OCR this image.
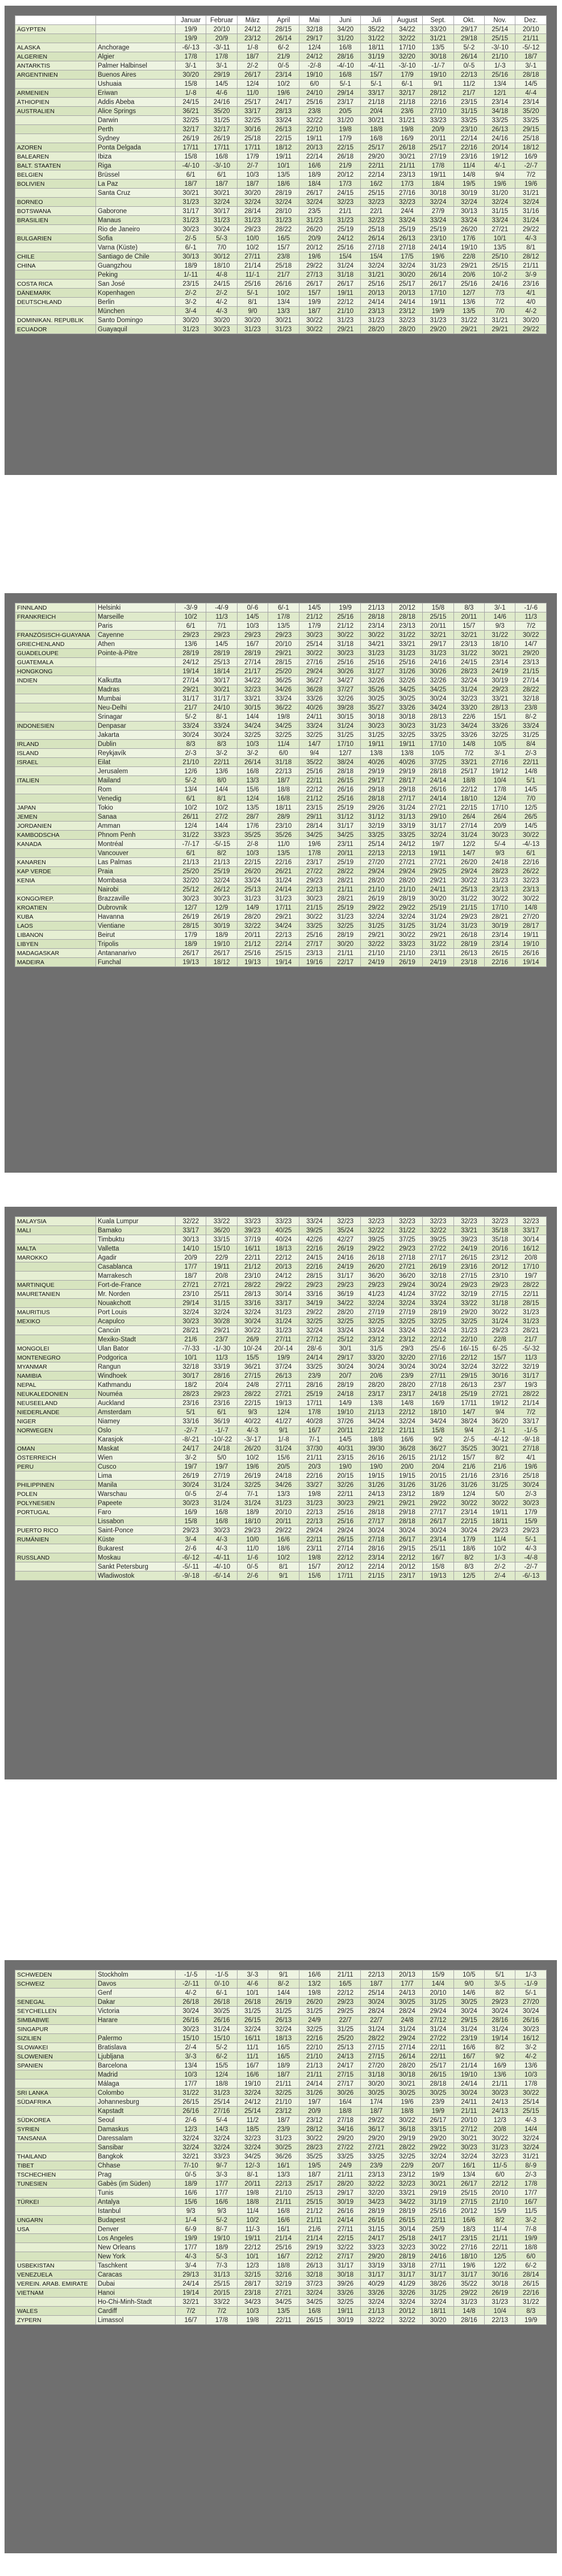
		Januar	Februar	März	April	Mai	Juni	Juli	August	Sept.	Okt.	Nov.	Dez.
ÄGYPTEN		19/9	20/10	24/12	28/15	32/18	34/20	35/22	34/22	33/20	29/17	25/14	20/10
		19/9	20/9	23/12	26/14	29/17	31/20	31/22	32/22	31/21	29/18	25/15	21/11
ALASKA	Anchorage	-6/-13	-3/-11	1/-8	6/-2	12/4	16/8	18/11	17/10	13/5	5/-2	-3/-10	-5/-12
ALGERIEN	Algier	17/8	17/8	18/7	21/9	24/12	28/16	31/19	32/20	30/18	26/14	21/10	18/7
ANTARKTIS	Palmer Halbinsel	3/-1	3/-1	2/-2	0/-5	-2/-8	-4/-10	-4/-11	-3/-10	-1/-7	0/-5	1/-3	3/-1
ARGENTINIEN	Buenos Aires	30/20	29/19	26/17	23/14	19/10	16/8	15/7	17/9	19/10	22/13	25/16	28/18
	Ushuaia	15/8	14/5	12/4	10/2	6/0	5/-1	5/-1	6/-1	9/1	11/2	13/4	14/5
ARMENIEN	Eriwan	1/-8	4/-6	11/0	19/6	24/10	29/14	33/17	32/17	28/12	21/7	12/1	4/-4
ÄTHIOPIEN	Addis Abeba	24/15	24/16	25/17	24/17	25/16	23/17	21/18	21/18	22/16	23/15	23/14	23/14
AUSTRALIEN	Alice Springs	36/21	35/20	33/17	28/13	23/8	20/5	20/4	23/6	27/10	31/15	34/18	35/20
	Darwin	32/25	31/25	32/25	33/24	32/22	31/20	30/21	31/21	33/23	33/25	33/25	33/25
	Perth	32/17	32/17	30/16	26/13	22/10	19/8	18/8	19/8	20/9	23/10	26/13	29/15
	Sydney	26/19	26/19	25/18	22/15	19/11	17/9	16/8	16/9	20/11	22/14	24/16	25/18
AZOREN	Ponta Delgada	17/11	17/11	17/11	18/12	20/13	22/15	25/17	26/18	25/17	22/16	20/14	18/12
BALEAREN	Ibiza	15/8	16/8	17/9	19/11	22/14	26/18	29/20	30/21	27/19	23/16	19/12	16/9
BALT. STAATEN	Riga	-4/-10	-3/-10	2/-7	10/1	16/6	21/9	22/11	21/11	17/8	11/4	4/-1	-2/-7
BELGIEN	Brüssel	6/1	6/1	10/3	13/5	18/9	20/12	22/14	23/13	19/11	14/8	9/4	7/2
BOLIVIEN	La Paz	18/7	18/7	18/7	18/6	18/4	17/3	16/2	17/3	18/4	19/5	19/6	19/6
	Santa Cruz	30/21	30/21	30/20	28/19	26/17	24/15	25/15	27/16	30/18	30/19	31/20	31/21
BORNEO		31/23	32/24	32/24	32/24	32/24	32/23	32/23	32/23	32/24	32/24	32/24	32/24
BOTSWANA	Gaborone	31/17	30/17	28/14	28/10	23/5	21/1	22/1	24/4	27/9	30/13	31/15	31/16
BRASILIEN	Manaus	31/23	31/23	31/23	31/23	31/23	31/23	32/23	33/24	33/24	33/24	33/24	31/24
	Rio de Janeiro	30/23	30/24	29/23	28/22	26/20	25/19	25/18	25/19	25/19	26/20	27/21	29/22
BULGARIEN	Sofia	2/-5	5/-3	10/0	16/5	20/9	24/12	26/14	26/13	23/10	17/6	10/1	4/-3
	Varna (Küste)	6/-1	7/0	10/2	15/7	20/12	25/16	27/18	27/18	24/14	19/10	13/5	8/1
CHILE	Santiago de Chile	30/13	30/12	27/11	23/8	19/6	15/4	15/4	17/5	19/6	22/8	25/10	28/12
CHINA	Guangzhou	18/9	18/10	21/14	25/18	29/22	31/24	32/24	32/24	31/23	29/21	25/15	21/11
	Peking	1/-11	4/-8	11/-1	21/7	27/13	31/18	31/21	30/20	26/14	20/6	10/-2	3/-9
COSTA RICA	San José	23/15	24/15	25/16	26/16	26/17	26/17	25/16	25/17	26/17	25/16	24/16	23/16
DÄNEMARK	Kopenhagen	2/-2	2/-2	5/-1	10/2	15/7	19/11	20/13	20/13	17/10	12/7	7/3	4/1
DEUTSCHLAND	Berlin	3/-2	4/-2	8/1	13/4	19/9	22/12	24/14	24/14	19/11	13/6	7/2	4/0
	München	3/-4	4/-3	9/0	13/3	18/7	21/10	23/13	23/12	19/9	13/5	7/0	4/-2
DOMINIKAN. REPUBLIK	Santo Domingo	30/20	30/20	30/20	30/21	30/22	31/23	31/23	32/23	31/23	31/22	31/21	30/20
ECUADOR	Guayaquil	31/23	30/23	31/23	31/23	30/22	29/21	28/20	28/20	29/20	29/21	29/21	29/22
FINNLAND	Helsinki	-3/-9	-4/-9	0/-6	6/-1	14/5	19/9	21/13	20/12	15/8	8/3	3/-1	-1/-6
FRANKREICH	Marseille	10/2	11/3	14/5	17/8	21/12	25/16	28/18	28/18	25/15	20/11	14/6	11/3
	Paris	6/1	7/1	10/3	13/5	17/9	21/12	23/14	23/13	20/11	15/7	9/3	7/2
FRANZÖSISCH-GUAYANA	Cayenne	29/23	29/23	29/23	29/23	30/23	30/22	30/22	31/22	32/21	32/21	31/22	30/22
GRIECHENLAND	Athen	13/6	14/5	16/7	20/10	25/14	31/18	34/21	33/21	29/17	23/13	18/10	14/7
GUADELOUPE	Pointe-à-Pitre	28/19	28/19	28/19	29/21	30/22	30/23	31/23	31/23	31/23	31/22	30/21	29/20
GUATEMALA		24/12	25/13	27/14	28/15	27/16	25/16	25/16	25/16	24/16	24/15	23/14	23/13
HONGKONG		19/14	18/14	21/17	25/20	29/24	30/26	31/27	31/26	30/26	28/23	24/19	21/15
INDIEN	Kalkutta	27/14	30/17	34/22	36/25	36/27	34/27	32/26	32/26	32/26	32/24	30/19	27/14
	Madras	29/21	30/21	32/23	34/26	36/28	37/27	35/26	34/25	34/25	31/24	29/23	28/22
	Mumbai	31/17	31/17	33/21	33/24	33/26	32/26	30/25	30/25	30/24	32/23	33/21	32/18
	Neu-Delhi	21/7	24/10	30/15	36/22	40/26	39/28	35/27	33/26	34/24	33/20	28/13	23/8
	Srinagar	5/-2	8/-1	14/4	19/8	24/11	30/15	30/18	30/18	28/13	22/6	15/1	8/-2
INDONESIEN	Denpasar	33/24	33/24	34/24	34/25	33/24	31/24	30/23	30/23	31/23	34/24	33/26	33/24
	Jakarta	30/24	30/24	32/25	32/25	32/25	31/25	31/25	32/25	33/25	33/26	32/25	31/25
IRLAND	Dublin	8/3	8/3	10/3	11/4	14/7	17/10	19/11	19/11	17/10	14/8	10/5	8/4
ISLAND	Reykjavík	2/-3	3/-2	3/-2	6/0	9/4	12/7	13/8	13/8	10/5	7/2	3/-1	2/-3
ISRAEL	Eilat	21/10	22/11	26/14	31/18	35/22	38/24	40/26	40/26	37/25	33/21	27/16	22/11
	Jerusalem	12/6	13/6	16/8	22/13	25/16	28/18	29/19	29/19	28/18	25/17	19/12	14/8
ITALIEN	Mailand	5/-2	8/0	13/3	18/7	22/11	26/15	29/17	28/17	24/14	18/8	10/4	5/1
	Rom	13/4	14/4	15/6	18/8	22/12	26/16	29/18	29/18	26/16	22/12	17/8	14/5
	Venedig	6/1	8/1	12/4	16/8	21/12	25/16	28/18	27/17	24/14	18/10	12/4	7/0
JAPAN	Tokio	10/2	10/2	13/5	18/11	23/15	25/19	29/26	31/24	27/21	22/15	17/10	12/5
JEMEN	Sanaa	26/11	27/2	28/7	28/9	29/11	31/12	31/12	31/13	29/10	26/4	26/4	26/5
JORDANIEN	Amman	12/4	14/4	17/6	23/10	28/14	31/17	32/19	33/19	31/17	27/14	20/9	14/5
KAMBODSCHA	Phnom Penh	31/22	33/23	35/25	35/26	34/25	34/25	33/25	33/25	32/24	31/24	30/23	30/22
KANADA	Montréal	-7/-17	-5/-15	2/-8	11/0	19/6	23/11	25/14	24/12	19/7	12/2	5/-4	-4/-13
	Vancouver	6/1	8/2	10/3	13/5	17/8	20/11	22/13	22/13	19/11	14/7	9/3	6/1
KANAREN	Las Palmas	21/13	21/13	22/15	22/16	23/17	25/19	27/20	27/21	27/21	26/20	24/18	22/16
KAP VERDE	Praia	25/20	25/19	26/20	26/21	27/22	28/22	29/24	29/24	29/25	29/24	28/23	26/22
KENIA	Mombasa	32/20	32/24	33/24	31/24	29/23	28/21	28/20	28/20	29/21	30/22	31/23	32/23
	Nairobi	25/12	26/12	25/13	24/14	22/13	21/11	21/10	21/10	24/11	25/13	23/13	23/13
KONGO/REP.	Brazzaville	30/23	30/23	31/23	31/23	30/23	28/21	26/19	28/19	30/20	31/22	30/22	30/22
KROATIEN	Dubrovnik	12/7	12/9	14/9	17/11	21/15	25/19	29/22	29/22	25/19	21/15	17/10	14/8
KUBA	Havanna	26/19	26/19	28/20	29/21	30/22	31/23	32/24	32/24	31/24	29/23	28/21	27/20
LAOS	Vientiane	28/15	30/19	32/22	34/24	33/25	32/25	31/25	31/25	31/24	31/23	30/19	28/17
LIBANON	Beirut	17/9	18/9	20/11	22/13	25/16	28/19	29/21	30/22	29/21	26/18	23/14	19/11
LIBYEN	Tripolis	18/9	19/10	21/12	22/14	27/17	30/20	32/22	33/23	31/22	28/19	23/14	19/10
MADAGASKAR	Antananarivo	26/17	26/17	25/16	25/15	23/13	21/11	21/10	21/10	23/11	26/13	26/15	26/16
MADEIRA	Funchal	19/13	18/12	19/13	19/14	19/16	22/17	24/19	26/19	24/19	23/18	22/16	19/14
MALAYSIA	Kuala Lumpur	32/22	33/22	33/23	33/23	33/24	32/23	32/23	32/23	32/23	32/23	32/23	32/23
MALI	Bamako	33/17	36/20	39/23	40/25	39/25	35/24	32/22	31/22	32/22	33/21	35/18	33/17
	Timbuktu	30/13	33/15	37/19	40/24	42/26	42/27	39/25	37/25	39/25	39/23	35/18	30/14
MALTA	Valletta	14/10	15/10	16/11	18/13	22/16	26/19	29/22	29/23	27/22	24/19	20/16	16/12
MAROKKO	Agadir	20/9	22/9	22/11	22/12	24/15	24/16	26/18	27/18	27/17	26/15	23/12	20/8
	Casablanca	17/7	19/11	21/12	20/13	22/16	24/19	26/20	27/21	26/19	23/16	20/12	17/10
	Marrakesch	18/7	20/8	23/10	24/12	28/15	31/17	36/20	36/20	32/18	27/15	23/10	19/7
MARTINIQUE	Fort-de-France	27/21	27/21	28/22	29/22	29/23	29/23	29/23	29/24	30/24	29/23	29/23	28/22
MAURETANIEN	Mr. Norden	23/10	25/11	28/13	30/14	33/16	36/19	41/23	41/24	37/22	32/19	27/15	22/11
	Nouakchott	29/14	31/15	33/16	33/17	34/19	34/22	32/24	32/24	33/24	33/22	31/18	28/15
MAURITIUS	Port Louis	32/24	32/24	32/24	31/23	29/22	28/20	27/19	27/19	28/19	29/20	30/22	31/23
MEXIKO	Acapulco	30/23	30/28	30/24	31/24	32/25	32/25	32/25	32/25	32/25	32/25	31/24	31/23
	Cancún	28/21	29/21	30/22	31/23	32/24	33/24	33/24	33/24	32/24	31/23	29/23	28/21
	Mexiko-Stadt	21/6	23/7	26/9	27/11	27/12	25/12	23/12	23/12	22/12	22/10	22/8	21/7
MONGOLEI	Ulan Bator	-7/-33	-1/-30	10/-24	20/-14	28/-6	30/1	31/5	29/3	25/-6	16/-15	6/-25	-5/-32
MONTENEGRO	Podgorica	10/1	11/3	15/5	19/9	24/14	29/17	33/20	32/20	27/16	22/12	15/7	11/3
MYANMAR	Rangun	32/18	33/19	36/21	37/24	33/25	30/24	30/24	30/24	30/24	32/24	32/22	32/19
NAMIBIA	Windhoek	30/17	28/16	27/15	26/13	23/9	20/7	20/6	23/9	27/11	29/15	30/16	31/17
NEPAL	Kathmandu	18/2	20/4	24/8	27/11	28/16	28/19	28/20	28/20	27/18	26/13	23/7	19/3
NEUKALEDONIEN	Nouméa	28/23	29/23	28/22	27/21	25/19	24/18	23/17	23/17	24/18	25/19	27/21	28/22
NEUSEELAND	Auckland	23/16	23/16	22/15	19/13	17/11	14/9	13/8	14/8	16/9	17/11	19/12	21/14
NIEDERLANDE	Amsterdam	5/1	6/1	9/3	12/4	17/8	19/10	21/13	22/12	18/10	14/7	9/4	7/2
NIGER	Niamey	33/16	36/19	40/22	41/27	40/28	37/26	34/24	32/24	34/24	38/24	36/20	33/17
NORWEGEN	Oslo	-2/-7	-1/-7	4/-3	9/1	16/7	20/11	22/12	21/11	15/8	9/4	2/-1	-1/-5
	Karasjok	-8/-21	-10/-22	-3/-17	1/-8	7/-1	14/5	18/8	16/6	9/2	2/-5	-4/-12	-9/-18
OMAN	Maskat	24/17	24/18	26/20	31/24	37/30	40/31	39/30	36/28	36/27	35/25	30/21	27/18
ÖSTERREICH	Wien	3/-2	5/0	10/2	15/6	21/11	23/15	26/16	26/15	21/12	15/7	8/2	4/1
PERU	Cusco	19/7	19/7	19/6	20/5	20/3	19/0	19/0	20/0	20/4	21/6	21/6	19/6
	Lima	26/19	27/19	26/19	24/18	22/16	20/15	19/15	19/15	20/15	21/16	23/16	25/18
PHILIPPINEN	Manila	30/24	31/24	32/25	34/26	33/27	32/26	31/26	31/26	31/26	31/26	31/25	30/24
POLEN	Warschau	0/-5	2/-4	7/-1	13/3	19/8	22/11	24/13	23/12	18/9	12/4	5/0	2/-3
POLYNESIEN	Papeete	30/23	31/24	31/24	31/23	31/23	30/23	29/21	29/21	29/22	30/22	30/22	30/23
PORTUGAL	Faro	16/9	16/8	18/9	20/10	22/13	25/16	28/18	29/18	27/17	23/14	19/11	17/9
	Lissabon	15/8	16/8	18/10	20/11	22/13	25/16	27/17	28/18	26/17	22/15	18/11	15/9
PUERTO RICO	Saint-Ponce	29/23	30/23	29/23	29/22	29/24	29/24	30/24	30/24	30/24	30/24	29/23	29/23
RUMÄNIEN	Küste	3/-4	4/-3	10/0	16/6	22/11	26/15	27/18	26/17	23/14	17/9	11/4	5/-1
	Bukarest	2/-6	4/-3	11/0	18/6	23/11	27/14	28/16	29/15	25/11	18/6	10/2	4/-3
RUSSLAND	Moskau	-6/-12	-4/-11	1/-6	10/2	19/8	22/12	23/14	22/12	16/7	8/2	1/-3	-4/-8
	Sankt Petersburg	-5/-11	-4/-10	0/-5	8/1	15/7	20/12	22/14	20/12	15/8	8/3	2/-2	-2/-7
	Wladiwostok	-9/-18	-6/-14	2/-6	9/1	15/6	17/11	21/15	23/17	19/13	12/5	2/-4	-6/-13
SCHWEDEN	Stockholm	-1/-5	-1/-5	3/-3	9/1	16/6	21/11	22/13	20/13	15/9	10/5	5/1	1/-3
SCHWEIZ	Davos	-2/-11	0/-10	4/-6	8/-2	13/2	16/5	18/7	17/7	14/4	9/0	3/-5	-1/-9
	Genf	4/-2	6/-1	10/1	14/4	19/8	22/12	25/14	24/13	20/10	14/6	8/2	5/-1
SENEGAL	Dakar	26/18	26/18	26/18	26/19	26/20	29/23	30/24	30/25	31/25	30/25	29/23	27/20
SEYCHELLEN	Victoria	30/24	30/25	31/25	31/25	31/25	29/25	28/24	28/24	29/24	30/24	30/24	30/24
SIMBABWE	Harare	26/16	26/16	26/15	26/13	24/9	22/7	22/7	24/8	27/12	29/15	28/16	26/16
SINGAPUR		30/23	31/24	32/24	32/24	32/25	31/25	31/24	31/24	31/24	31/24	31/24	30/23
SIZILIEN	Palermo	15/10	15/10	16/11	18/13	22/16	25/20	28/22	29/24	27/22	23/19	19/14	16/12
SLOWAKEI	Bratislava	2/-4	5/-2	11/1	16/5	22/10	25/13	27/15	27/14	22/11	16/6	8/2	3/-2
SLOWENIEN	Ljubljana	3/-3	6/-2	11/1	16/5	21/10	24/13	27/15	26/14	22/11	16/7	9/2	4/-2
SPANIEN	Barcelona	13/4	15/5	16/7	18/9	21/13	24/17	27/20	28/20	25/17	21/14	16/9	13/6
	Madrid	10/3	12/4	16/6	18/7	21/11	27/15	31/18	30/18	26/15	19/10	13/6	10/3
	Málaga	17/7	18/8	19/10	21/11	24/14	27/17	30/20	30/21	28/18	24/14	21/11	17/8
SRI LANKA	Colombo	31/22	31/23	32/24	32/25	31/26	30/26	30/25	30/25	30/25	30/24	30/23	30/22
SÜDAFRIKA	Johannesburg	26/15	25/14	24/12	21/10	19/7	16/4	17/4	19/6	23/9	24/11	24/13	25/14
	Kapstadt	26/16	27/16	25/14	23/12	20/9	18/8	18/7	18/8	19/9	21/11	24/13	25/15
SÜDKOREA	Seoul	2/-6	5/-4	11/2	18/7	23/12	27/18	29/22	30/22	26/17	20/10	12/3	4/-3
SYRIEN	Damaskus	12/3	14/3	18/5	23/9	28/12	34/16	36/17	36/18	33/15	27/12	20/8	14/4
TANSANIA	Daressalam	32/24	32/24	32/23	31/23	30/22	29/20	29/20	29/19	29/20	30/21	30/22	32/24
	Sansibar	32/24	32/24	32/24	30/25	28/23	27/22	27/21	28/22	29/22	30/23	31/23	32/24
THAILAND	Bangkok	32/21	33/23	34/25	36/26	35/25	33/25	33/25	32/25	32/24	32/24	32/23	31/21
TIBET	Chhase	7/-10	9/-7	12/-3	16/1	19/5	24/9	23/9	22/9	20/7	16/1	11/-5	8/-9
TSCHECHIEN	Prag	0/-5	3/-3	8/-1	13/3	18/7	21/11	23/13	23/12	19/9	13/4	6/0	2/-3
TUNESIEN	Gabès (im Süden)	18/9	17/7	20/11	22/13	25/17	28/20	32/22	32/23	30/21	26/17	22/12	17/8
	Tunis	16/6	17/7	19/8	21/10	25/13	29/17	32/20	33/21	29/19	25/15	20/10	17/7
TÜRKEI	Antalya	15/6	16/6	18/8	21/11	25/15	30/19	34/23	34/22	31/19	27/15	21/10	16/7
	Istanbul	9/3	9/3	11/4	16/8	21/12	26/16	28/19	28/19	25/16	20/12	15/9	11/5
UNGARN	Budapest	1/-4	5/-2	10/2	16/6	21/11	24/14	26/16	26/15	22/11	16/6	8/2	3/-2
USA	Denver	6/-9	8/-7	11/-3	16/1	21/6	27/11	31/15	30/14	25/9	18/3	11/-4	7/-8
	Los Angeles	19/9	19/10	19/11	21/14	21/14	22/15	24/17	25/18	24/17	23/15	21/11	19/9
	New Orleans	17/7	18/9	22/12	25/16	29/19	32/22	33/23	32/23	30/22	27/16	22/11	18/8
	New York	4/-3	5/-3	10/1	16/7	22/12	27/17	29/20	28/19	24/16	18/10	12/5	6/0
USBEKISTAN	Taschkent	3/-4	7/-3	12/3	18/8	26/13	31/17	33/19	33/18	27/11	19/6	12/2	6/-2
VENEZUELA	Caracas	29/13	31/13	32/15	32/16	32/18	30/18	31/17	31/17	31/17	31/17	30/16	28/14
VEREIN. ARAB. EMIRATE	Dubai	24/14	25/15	28/17	32/19	37/23	39/26	40/29	41/29	38/26	35/22	30/18	26/15
VIETNAM	Hanoi	19/14	20/15	23/18	27/21	32/24	33/26	33/26	32/26	31/25	29/22	26/19	22/16
	Ho-Chi-Minh-Stadt	32/21	33/22	34/23	34/25	34/25	32/25	32/24	32/24	32/24	31/23	31/23	31/22
WALES	Cardiff	7/2	7/2	10/3	13/5	16/8	19/11	21/13	20/12	18/11	14/8	10/4	8/3
ZYPERN	Limassol	16/7	17/8	19/8	22/11	26/15	30/19	32/22	32/22	30/20	28/16	22/13	19/9
